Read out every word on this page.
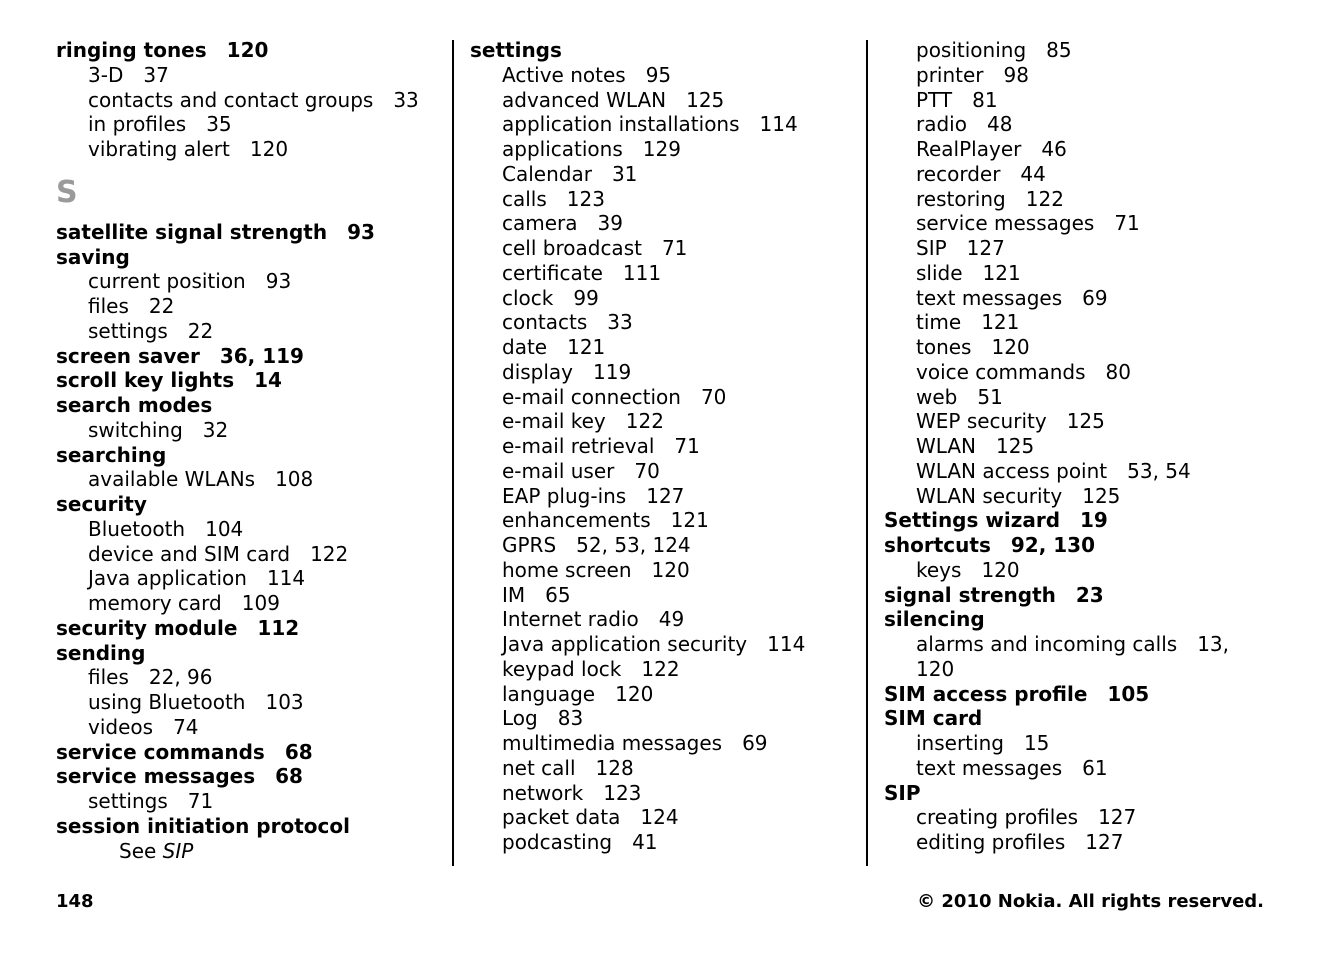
ringing tones 120
3-D 37
contacts and contact groups 33
in profiles 35
vibrating alert 120
S
satellite signal strength 93
saving
current position 93
files 22
settings 22
screen saver 36, 119
scroll key lights 14
search modes
switching 32
searching
available WLANs 108
security
Bluetooth 104
device and SIM card 122
Java application 114
memory card 109
security module 112
sending
files 22, 96
using Bluetooth 103
videos 74
service commands 68
service messages 68
settings 71
session initiation protocol
See SIP
settings
Active notes 95
advanced WLAN 125
application installations 114
applications 129
Calendar 31
calls 123
camera 39
cell broadcast 71
certificate 111
clock 99
contacts 33
date 121
display 119
e-mail connection 70
e-mail key 122
e-mail retrieval 71
e-mail user 70
EAP plug-ins 127
enhancements 121
GPRS 52, 53, 124
home screen 120
IM 65
Internet radio 49
Java application security 114
keypad lock 122
language 120
Log 83
multimedia messages 69
net call 128
network 123
packet data 124
podcasting 41
positioning 85
printer 98
PTT 81
radio 48
RealPlayer 46
recorder 44
restoring 122
service messages 71
SIP 127
slide 121
text messages 69
time 121
tones 120
voice commands 80
web 51
WEP security 125
WLAN 125
WLAN access point 53, 54
WLAN security 125
Settings wizard 19
shortcuts 92, 130
keys 120
signal strength 23
silencing
alarms and incoming calls 13,
120
SIM access profile 105
SIM card
inserting 15
text messages 61
SIP
creating profiles 127
editing profiles 127
148	© 2010 Nokia. All rights reserved.
